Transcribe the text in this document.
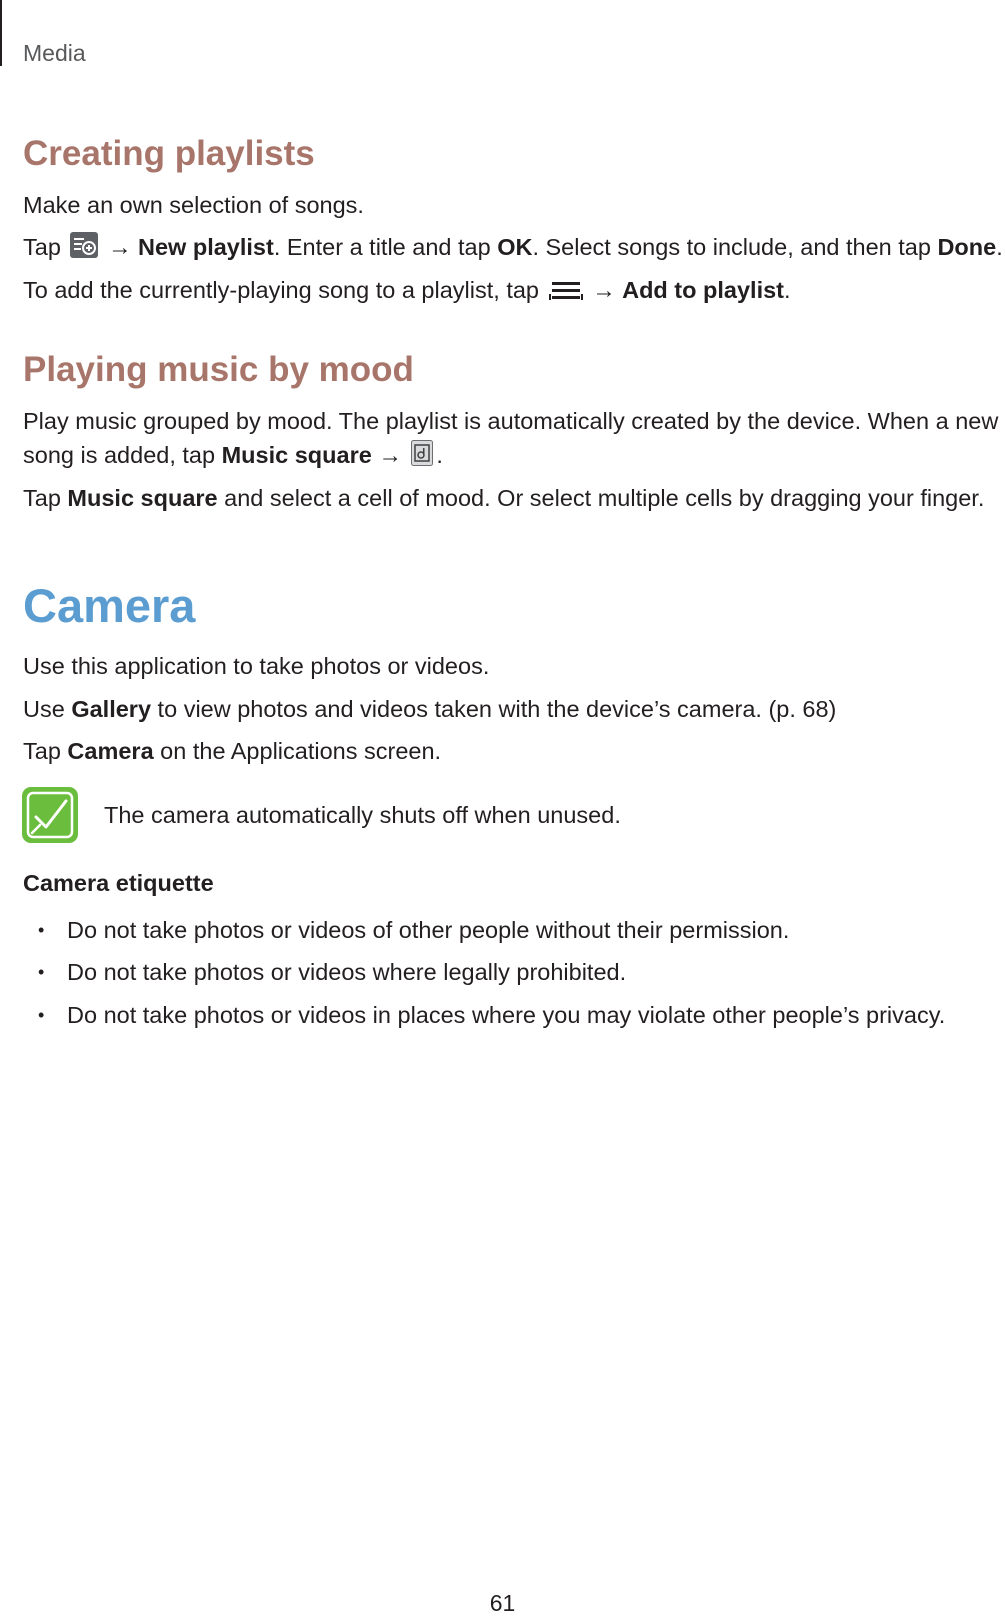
Media
Creating playlists
Make an own selection of songs.
Tap → New playlist. Enter a title and tap OK. Select songs to include, and then tap Done.
To add the currently-playing song to a playlist, tap → Add to playlist.
Playing music by mood
Play music grouped by mood. The playlist is automatically created by the device. When a new
song is added, tap Music square → .
Tap Music square and select a cell of mood. Or select multiple cells by dragging your finger.
Camera
Use this application to take photos or videos.
Use Gallery to view photos and videos taken with the device’s camera. (p. 68)
Tap Camera on the Applications screen.
The camera automatically shuts off when unused.
Camera etiquette
• Do not take photos or videos of other people without their permission.
• Do not take photos or videos where legally prohibited.
• Do not take photos or videos in places where you may violate other people’s privacy.
61
